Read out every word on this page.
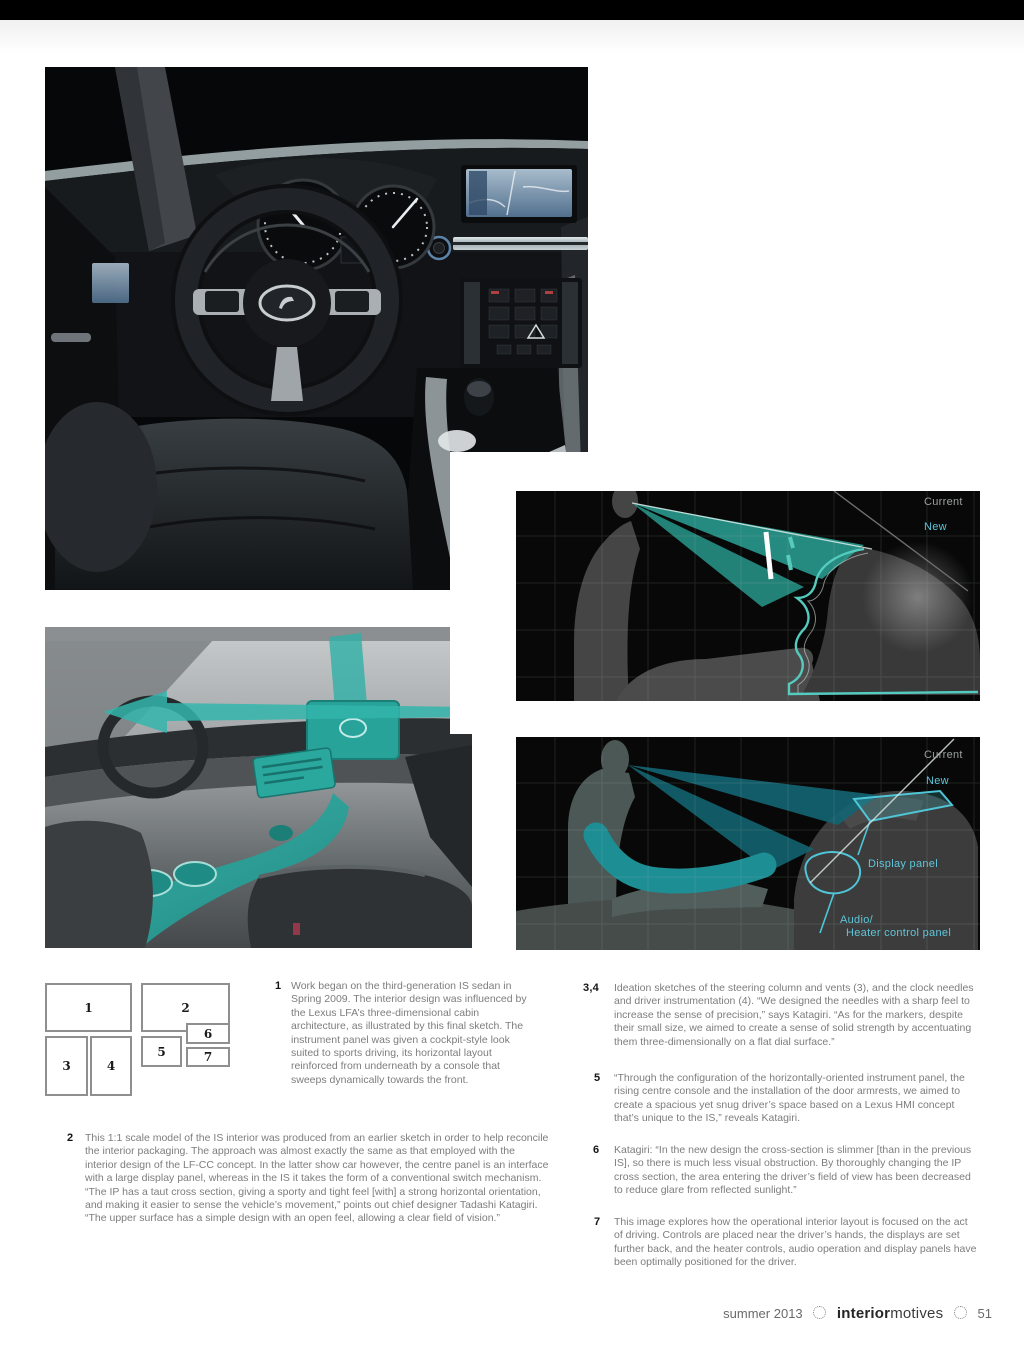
Current
New
Current
New
Display panel
Audio/
Heater control panel
1	2
3	4
5
6
7
1 Work began on the third-generation IS sedan in Spring 2009. The interior design was influenced by the Lexus LFA’s three-dimensional cabin architecture, as illustrated by this final sketch. The instrument panel was given a cockpit-style look suited to sports driving, its horizontal layout reinforced from underneath by a console that sweeps dynamically towards the front.

2 This 1:1 scale model of the IS interior was produced from an earlier sketch in order to help reconcile the interior packaging. The approach was almost exactly the same as that employed with the interior design of the LF-CC concept. In the latter show car however, the centre panel is an interface with a large display panel, whereas in the IS it takes the form of a conventional switch mechanism. “The IP has a taut cross section, giving a sporty and tight feel [with] a strong horizontal orientation, and making it easier to sense the vehicle’s movement,” points out chief designer Tadashi Katagiri. “The upper surface has a simple design with an open feel, allowing a clear field of vision.”

3,4 Ideation sketches of the steering column and vents (3), and the clock needles and driver instrumentation (4). “We designed the needles with a sharp feel to increase the sense of precision,” says Katagiri. “As for the markers, despite their small size, we aimed to create a sense of solid strength by accentuating them three-dimensionally on a flat dial surface.”

5 “Through the configuration of the horizontally-oriented instrument panel, the rising centre console and the installation of the door armrests, we aimed to create a spacious yet snug driver’s space based on a Lexus HMI concept that’s unique to the IS,” reveals Katagiri.

6 Katagiri: “In the new design the cross-section is slimmer [than in the previous IS], so there is much less visual obstruction. By thoroughly changing the IP cross section, the area entering the driver’s field of view has been decreased to reduce glare from reflected sunlight.”

7 This image explores how the operational interior layout is focused on the act of driving. Controls are placed near the driver’s hands, the displays are set further back, and the heater controls, audio operation and display panels have been optimally positioned for the driver.

summer 2013 interiormotives	51
